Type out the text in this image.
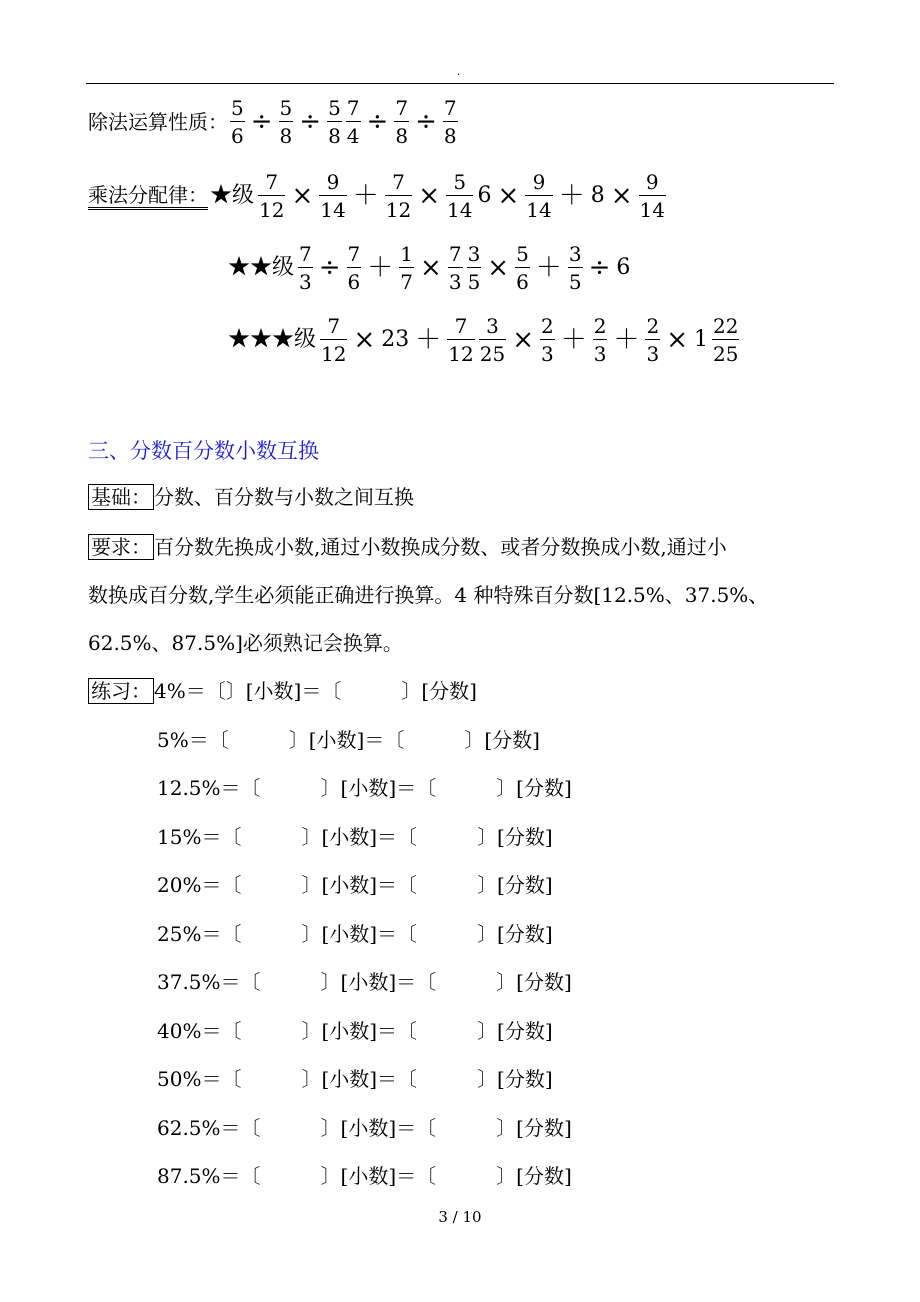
.
除法运算性质： $\frac{5}{6} \div \frac{5}{8} \div \frac{5}{8} \frac{7}{4} \div \frac{7}{8} \div \frac{7}{8}$
乘法分配律： ★级 $\frac{7}{12} \times \frac{9}{14} + \frac{7}{12} \times \frac{5}{14} 6 \times \frac{9}{14} + 8 \times \frac{9}{14}$
★★级 $\frac{7}{3} \div \frac{7}{6} + \frac{1}{7} \times \frac{7}{3} \frac{3}{5} \times \frac{5}{6} + \frac{3}{5} \div 6$
★★★级 $\frac{7}{12} \times 23 + \frac{7}{12} \frac{3}{25} \times \frac{2}{3} + \frac{2}{3} + \frac{2}{3} \times 1 \frac{22}{25}$
三、分数百分数小数互换
基础： 分数、百分数与小数之间互换
要求： 百分数先换成小数,通过小数换成分数、或者分数换成小数,通过小
数换成百分数,学生必须能正确进行换算。4 种特殊百分数[12.5%、37.5%、
62.5%、87.5%]必须熟记会换算。
练习： 4%＝〔〕[小数]＝〔　　　	〕[分数]
5%＝〔　　　	〕[小数]＝〔　　　	〕[分数]
12.5%＝〔　　　	〕[小数]＝〔　　　	〕[分数]
15%＝〔　　　	〕[小数]＝〔　　　	〕[分数]
20%＝〔　　　	〕[小数]＝〔　　　	〕[分数]
25%＝〔　　　	〕[小数]＝〔　　　	〕[分数]
37.5%＝〔　　　	〕[小数]＝〔　　　	〕[分数]
40%＝〔　　　	〕[小数]＝〔　　　	〕[分数]
50%＝〔　　　	〕[小数]＝〔　　　	〕[分数]
62.5%＝〔　　　	〕[小数]＝〔　　　	〕[分数]
87.5%＝〔　　　	〕[小数]＝〔　　　	〕[分数]
3 / 10
